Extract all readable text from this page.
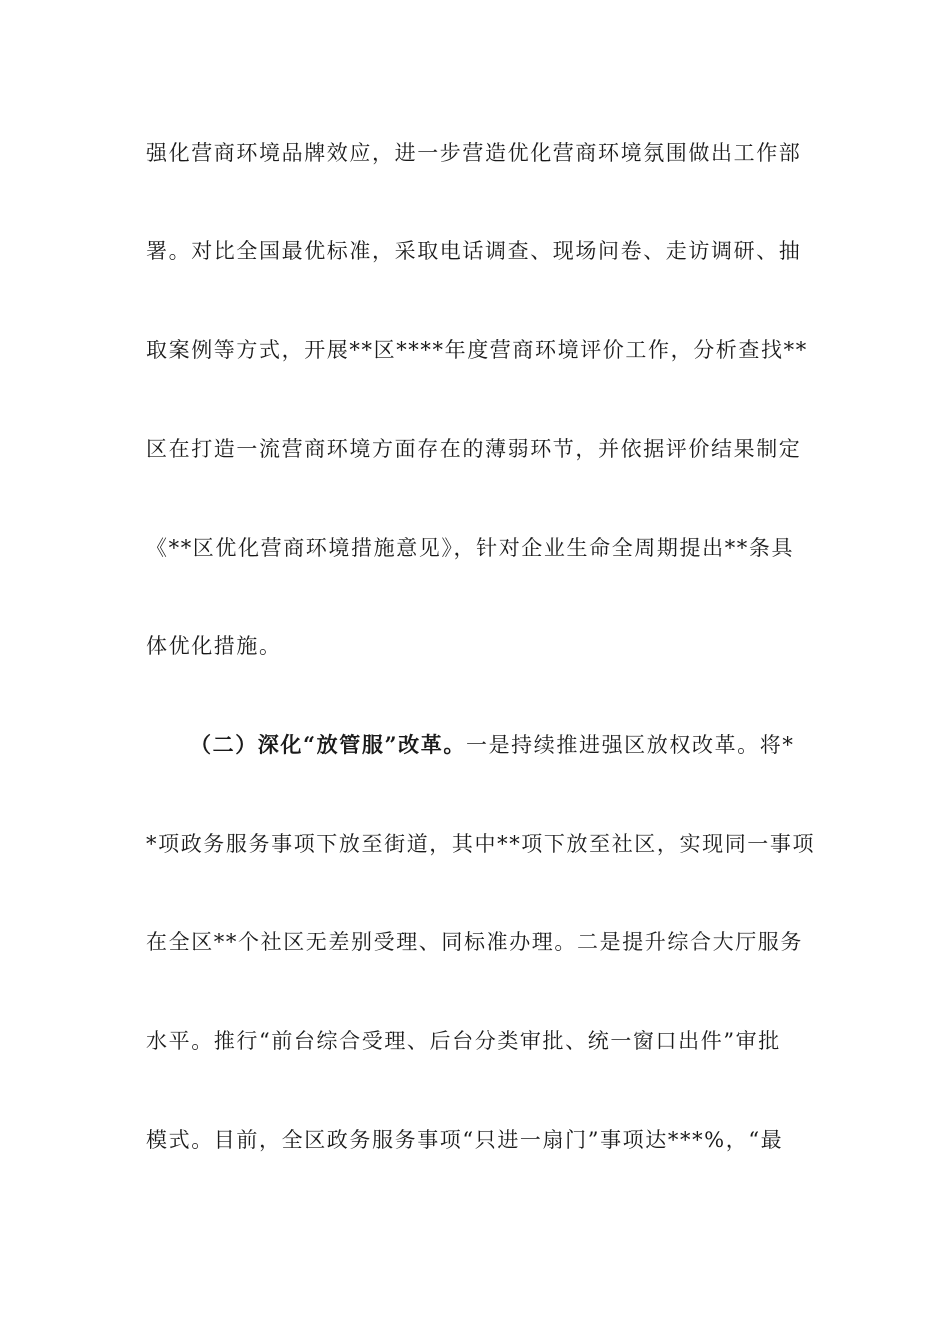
强化营商环境品牌效应，进一步营造优化营商环境氛围做出工作部
署。对比全国最优标准，采取电话调查、现场问卷、走访调研、抽
取案例等方式，开展**区****年度营商环境评价工作，分析查找**
区在打造一流营商环境方面存在的薄弱环节，并依据评价结果制定
《**区优化营商环境措施意见》，针对企业生命全周期提出**条具
体优化措施。
（二）深化“放管服”改革。一是持续推进强区放权改革。将*
*项政务服务事项下放至街道，其中**项下放至社区，实现同一事项
在全区**个社区无差别受理、同标准办理。二是提升综合大厅服务
水平。推行“前台综合受理、后台分类审批、统一窗口出件”审批
模式。目前，全区政务服务事项“只进一扇门”事项达***%，“最
